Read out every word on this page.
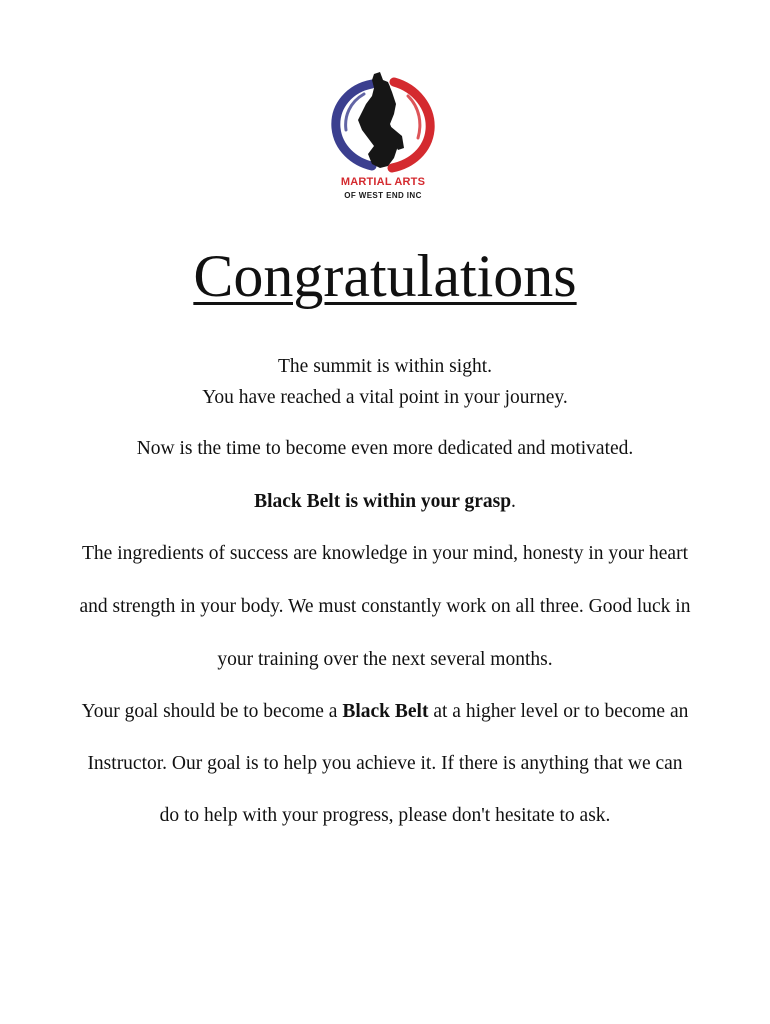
MARTIAL ARTS
OF WEST END INC
Congratulations
The summit is within sight.
You have reached a vital point in your journey.
Now is the time to become even more dedicated and motivated.
Black Belt is within your grasp.
The ingredients of success are knowledge in your mind, honesty in your heart
and strength in your body. We must constantly work on all three. Good luck in
your training over the next several months.
Your goal should be to become a Black Belt at a higher level or to become an
Instructor. Our goal is to help you achieve it. If there is anything that we can
do to help with your progress, please don't hesitate to ask.
